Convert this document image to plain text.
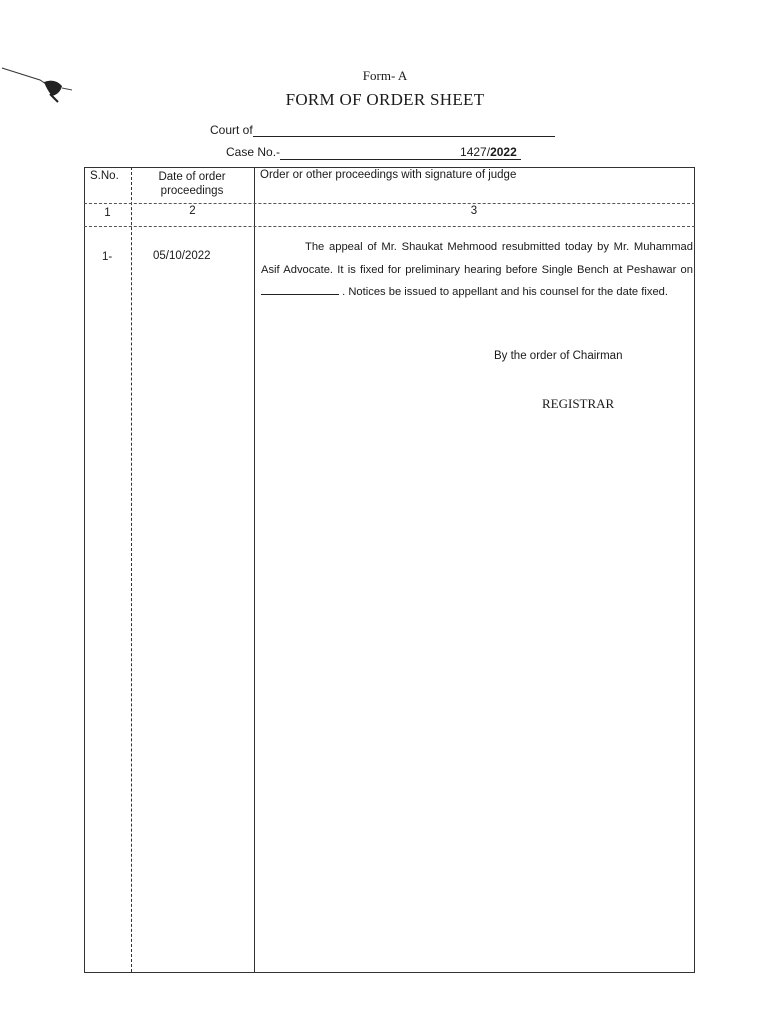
Form- A
FORM OF ORDER SHEET
Court of
Case No.-	1427/2022
S.No.	Date of order proceedings
Order or other proceedings with signature of judge
1	2	3
1-	05/10/2022

The appeal of Mr. Shaukat Mehmood resubmitted today by Mr. Muhammad Asif Advocate. It is fixed for preliminary hearing before Single Bench at Peshawar on . Notices be issued to appellant and his counsel for the date fixed.

By the order of Chairman
REGISTRAR
